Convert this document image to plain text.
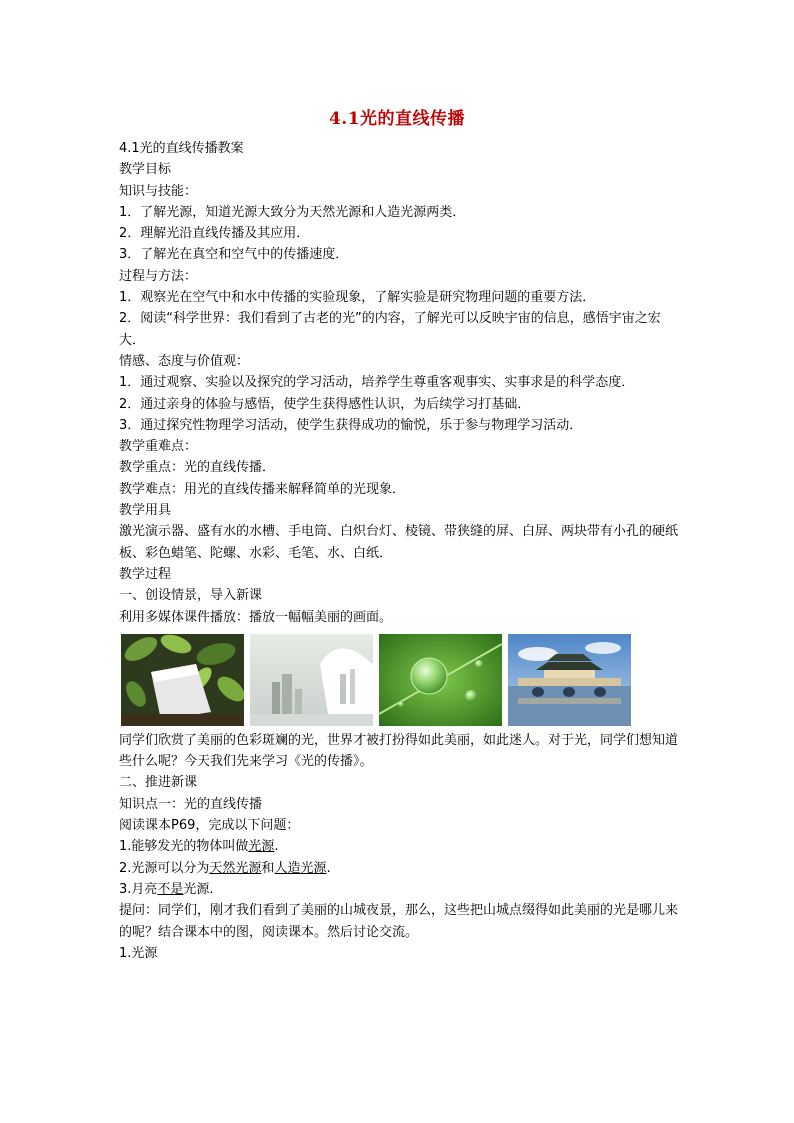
4.1光的直线传播
4.1光的直线传播教案
教学目标
知识与技能：
1．了解光源，知道光源大致分为天然光源和人造光源两类．
2．理解光沿直线传播及其应用．
3．了解光在真空和空气中的传播速度．
过程与方法：
1．观察光在空气中和水中传播的实验现象，了解实验是研究物理问题的重要方法．
2．阅读“科学世界：我们看到了古老的光”的内容，了解光可以反映宇宙的信息，感悟宇宙之宏大．
情感、态度与价值观：
1．通过观察、实验以及探究的学习活动，培养学生尊重客观事实、实事求是的科学态度．
2．通过亲身的体验与感悟，使学生获得感性认识，为后续学习打基础．
3．通过探究性物理学习活动，使学生获得成功的愉悦，乐于参与物理学习活动．
教学重难点：
教学重点：光的直线传播．
教学难点：用光的直线传播来解释简单的光现象．
教学用具
激光演示器、盛有水的水槽、手电筒、白炽台灯、棱镜、带狭缝的屏、白屏、两块带有小孔的硬纸板、彩色蜡笔、陀螺、水彩、毛笔、水、白纸．
教学过程
一、创设情景，导入新课
利用多媒体课件播放：播放一幅幅美丽的画面。
同学们欣赏了美丽的色彩斑斓的光，世界才被打扮得如此美丽，如此迷人。对于光，同学们想知道些什么呢？今天我们先来学习《光的传播》。
二、推进新课
知识点一：光的直线传播
阅读课本P69，完成以下问题：
1.能够发光的物体叫做光源.
2.光源可以分为天然光源和人造光源.
3.月亮不是光源.
提问：同学们，刚才我们看到了美丽的山城夜景，那么，这些把山城点缀得如此美丽的光是哪儿来的呢？结合课本中的图，阅读课本。然后讨论交流。
1.光源
